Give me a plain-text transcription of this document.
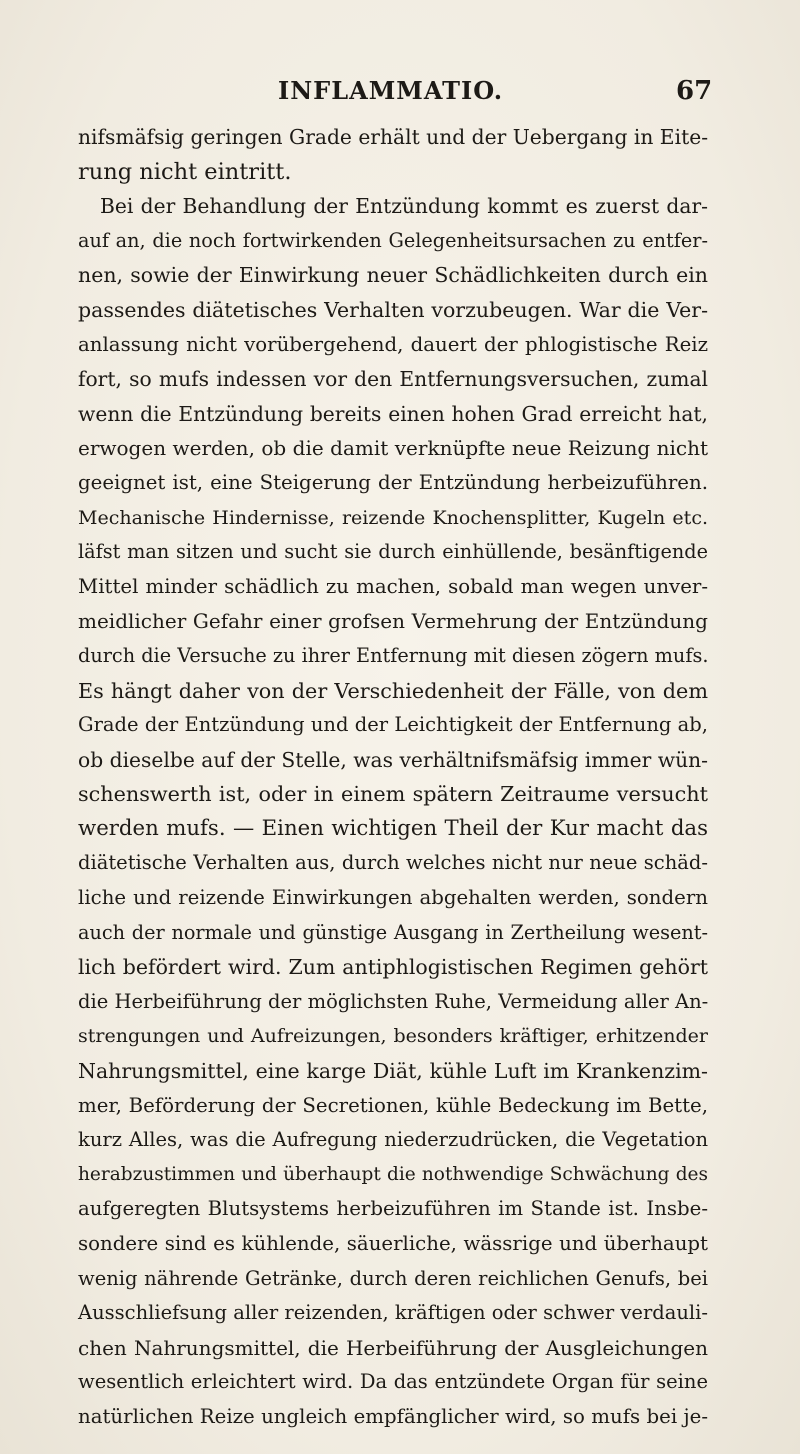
INFLAMMATIO.	67
nifsmäfsig geringen Grade erhält und der Uebergang in Eite-
rung nicht eintritt.
Bei der Behandlung der Entzündung kommt es zuerst dar-
auf an, die noch fortwirkenden Gelegenheitsursachen zu entfer-
nen, sowie der Einwirkung neuer Schädlichkeiten durch ein
passendes diätetisches Verhalten vorzubeugen. War die Ver-
anlassung nicht vorübergehend, dauert der phlogistische Reiz
fort, so mufs indessen vor den Entfernungsversuchen, zumal
wenn die Entzündung bereits einen hohen Grad erreicht hat,
erwogen werden, ob die damit verknüpfte neue Reizung nicht
geeignet ist, eine Steigerung der Entzündung herbeizuführen.
Mechanische Hindernisse, reizende Knochensplitter, Kugeln etc.
läfst man sitzen und sucht sie durch einhüllende, besänftigende
Mittel minder schädlich zu machen, sobald man wegen unver-
meidlicher Gefahr einer grofsen Vermehrung der Entzündung
durch die Versuche zu ihrer Entfernung mit diesen zögern mufs.
Es hängt daher von der Verschiedenheit der Fälle, von dem
Grade der Entzündung und der Leichtigkeit der Entfernung ab,
ob dieselbe auf der Stelle, was verhältnifsmäfsig immer wün-
schenswerth ist, oder in einem spätern Zeitraume versucht
werden mufs. — Einen wichtigen Theil der Kur macht das
diätetische Verhalten aus, durch welches nicht nur neue schäd-
liche und reizende Einwirkungen abgehalten werden, sondern
auch der normale und günstige Ausgang in Zertheilung wesent-
lich befördert wird. Zum antiphlogistischen Regimen gehört
die Herbeiführung der möglichsten Ruhe, Vermeidung aller An-
strengungen und Aufreizungen, besonders kräftiger, erhitzender
Nahrungsmittel, eine karge Diät, kühle Luft im Krankenzim-
mer, Beförderung der Secretionen, kühle Bedeckung im Bette,
kurz Alles, was die Aufregung niederzudrücken, die Vegetation
herabzustimmen und überhaupt die nothwendige Schwächung des
aufgeregten Blutsystems herbeizuführen im Stande ist. Insbe-
sondere sind es kühlende, säuerliche, wässrige und überhaupt
wenig nährende Getränke, durch deren reichlichen Genufs, bei
Ausschliefsung aller reizenden, kräftigen oder schwer verdauli-
chen Nahrungsmittel, die Herbeiführung der Ausgleichungen
wesentlich erleichtert wird. Da das entzündete Organ für seine
natürlichen Reize ungleich empfänglicher wird, so mufs bei je-
